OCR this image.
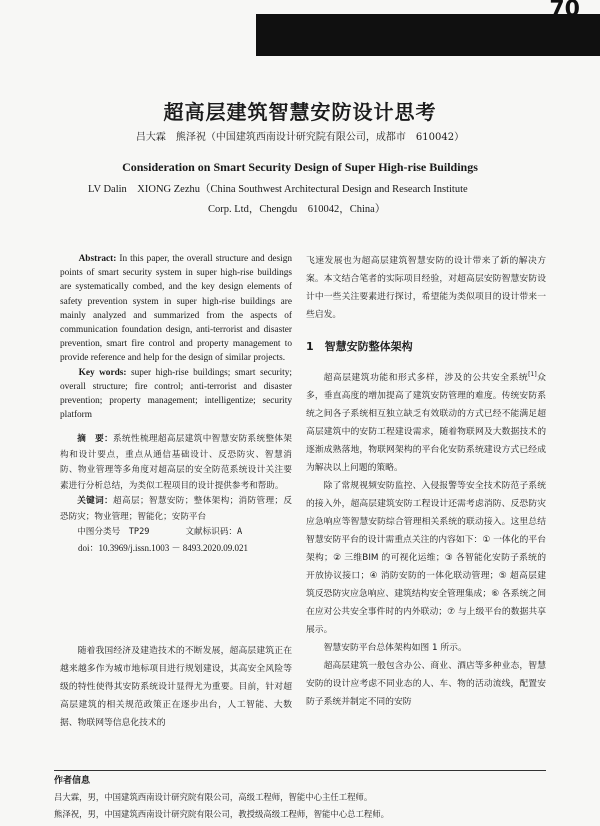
70
超高层建筑智慧安防设计思考
吕大霖　熊泽祝（中国建筑西南设计研究院有限公司，成都市　610042）
Consideration on Smart Security Design of Super High-rise Buildings
LV Dalin　XIONG Zezhu（China Southwest Architectural Design and Research Institute
Corp. Ltd，Chengdu　610042，China）

Abstract: In this paper, the overall structure and design points of smart security system in super high-rise buildings are systematically combed, and the key design elements of safety prevention system in super high-rise buildings are mainly analyzed and summarized from the aspects of communication foundation design, anti-terrorist and disaster prevention, smart fire control and property management to provide reference and help for the design of similar projects.

Key words: super high-rise buildings; smart security; overall structure; fire control; anti-terrorist and disaster prevention; property management; intelligentize; security platform

摘　要：系统性梳理超高层建筑中智慧安防系统整体架构和设计要点，重点从通信基础设计、反恐防灾、智慧消防、物业管理等多角度对超高层的安全防范系统设计关注要素进行分析总结，为类似工程项目的设计提供参考和帮助。

关键词：超高层；智慧安防；整体架构；消防管理；反恐防灾；物业管理；智能化；安防平台

中图分类号　TP29	文献标识码：A
doi：10.3969/j.issn.1003 － 8493.2020.09.021

随着我国经济及建造技术的不断发展，超高层建筑正在越来越多作为城市地标项目进行规划建设，其高安全风险等级的特性使得其安防系统设计显得尤为重要。目前，针对超高层建筑的相关规范政策正在逐步出台，人工智能、大数据、物联网等信息化技术的

飞速发展也为超高层建筑智慧安防的设计带来了新的解决方案。本文结合笔者的实际项目经验，对超高层安防智慧安防设计中一些关注要素进行探讨，希望能为类似项目的设计带来一些启发。

1　智慧安防整体架构

超高层建筑功能和形式多样，涉及的公共安全系统[1]众多，垂直高度的增加提高了建筑安防管理的难度。传统安防系统之间各子系统相互独立缺乏有效联动的方式已经不能满足超高层建筑中的安防工程建设需求，随着物联网及大数据技术的逐渐成熟落地，物联网架构的平台化安防系统建设方式已经成为解决以上问题的策略。

除了常规视频安防监控、入侵报警等安全技术防范子系统的接入外，超高层建筑安防工程设计还需考虑消防、反恐防灾应急响应等智慧安防综合管理相关系统的联动接入。这里总结智慧安防平台的设计需重点关注的内容如下：① 一体化的平台架构；② 三维BIM 的可视化运维；③ 各智能化安防子系统的开放协议接口；④ 消防安防的一体化联动管理；⑤ 超高层建筑反恐防灾应急响应、建筑结构安全管理集成；⑥ 各系统之间在应对公共安全事件时的内外联动；⑦ 与上级平台的数据共享展示。

智慧安防平台总体架构如图 1 所示。

超高层建筑一般包含办公、商业、酒店等多种业态，智慧安防的设计应考虑不同业态的人、车、物的活动流线，配置安防子系统并制定不同的安防

作者信息
吕大霖，男，中国建筑西南设计研究院有限公司，高级工程师，智能中心主任工程师。
熊泽祝，男，中国建筑西南设计研究院有限公司，教授级高级工程师，智能中心总工程师。
